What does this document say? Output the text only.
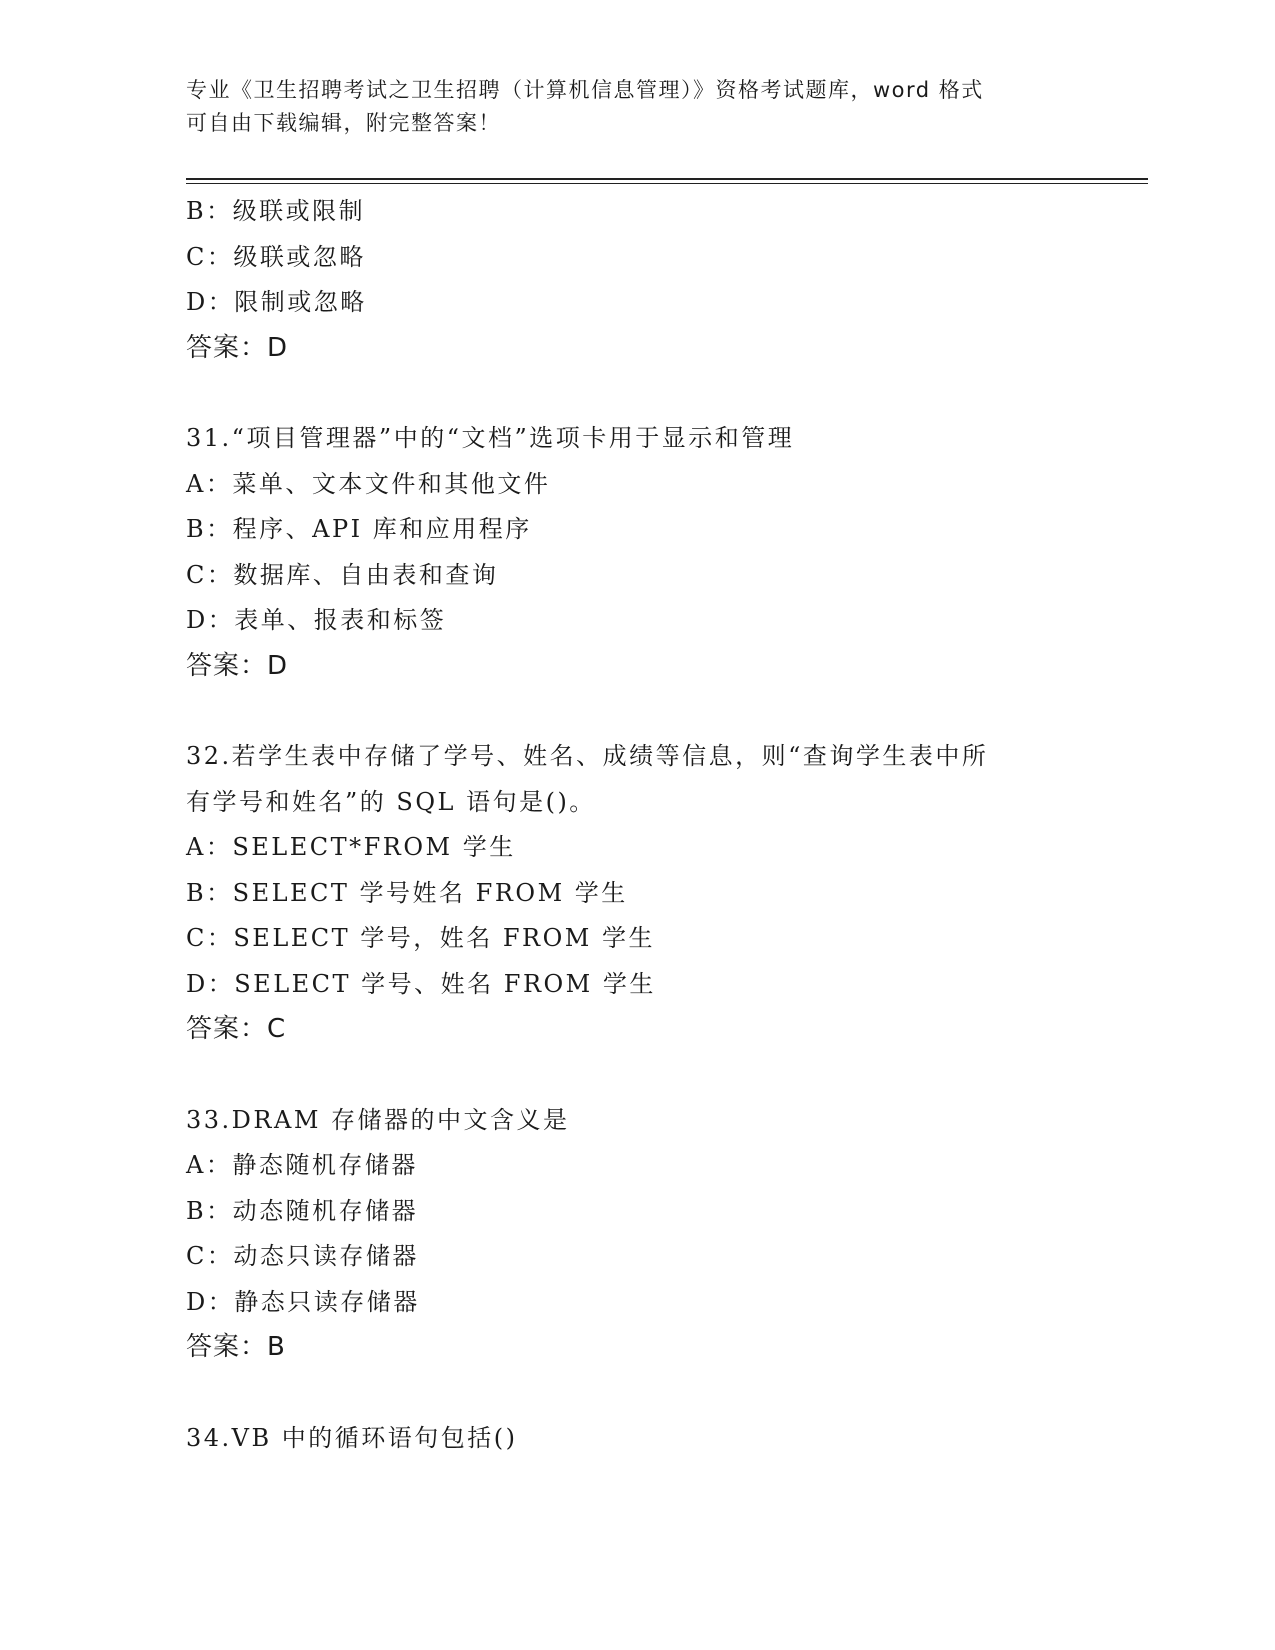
专业《卫生招聘考试之卫生招聘（计算机信息管理）》资格考试题库，word 格式
可自由下载编辑，附完整答案！
B：级联或限制
C：级联或忽略
D：限制或忽略
答案：D
31.“项目管理器”中的“文档”选项卡用于显示和管理
A：菜单、文本文件和其他文件
B：程序、API 库和应用程序
C：数据库、自由表和查询
D：表单、报表和标签
答案：D
32.若学生表中存储了学号、姓名、成绩等信息，则“查询学生表中所
有学号和姓名”的 SQL 语句是()。
A：SELECT*FROM 学生
B：SELECT 学号姓名 FROM 学生
C：SELECT 学号，姓名 FROM 学生
D：SELECT 学号、姓名 FROM 学生
答案：C
33.DRAM 存储器的中文含义是
A：静态随机存储器
B：动态随机存储器
C：动态只读存储器
D：静态只读存储器
答案：B
34.VB 中的循环语句包括()
